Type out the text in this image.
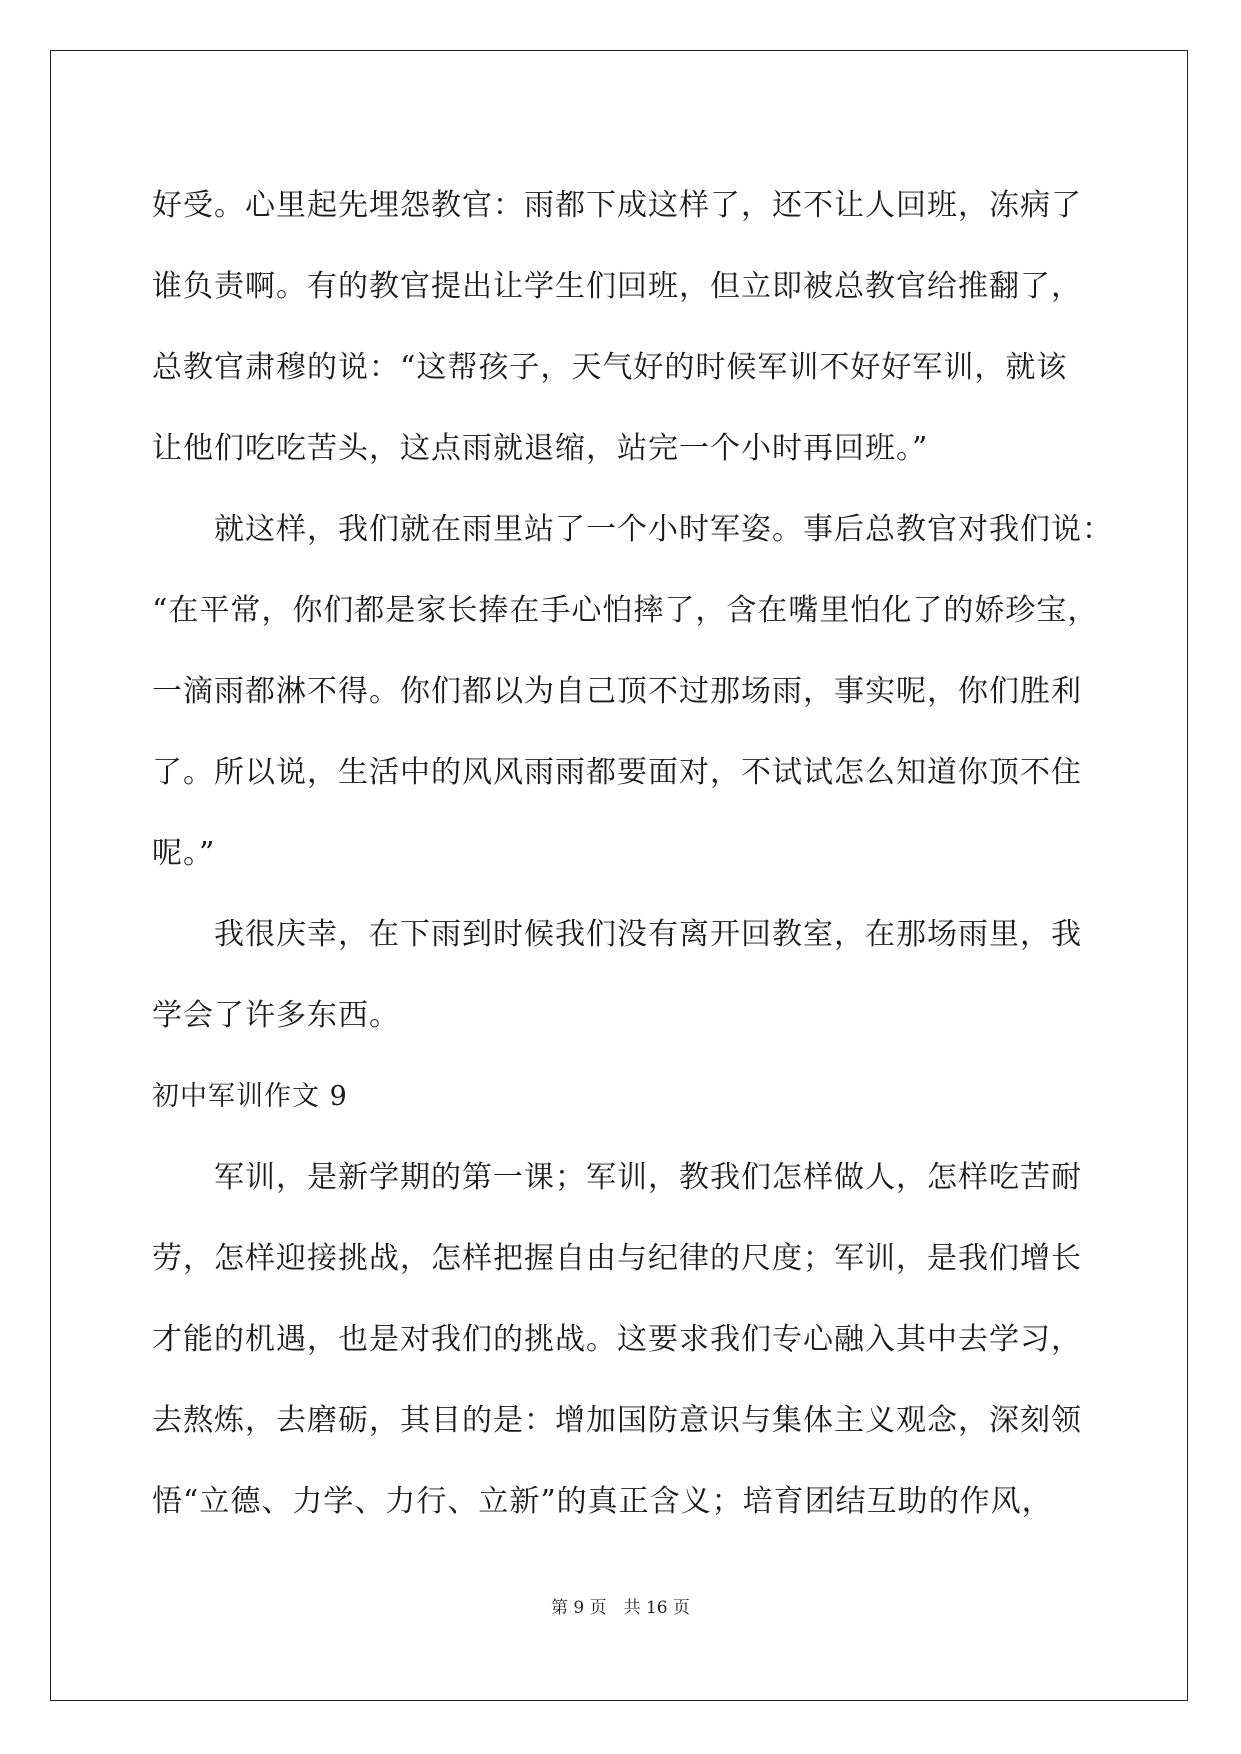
好受。心里起先埋怨教官：雨都下成这样了，还不让人回班，冻病了
谁负责啊。有的教官提出让学生们回班，但立即被总教官给推翻了，
总教官肃穆的说：“这帮孩子，天气好的时候军训不好好军训，就该
让他们吃吃苦头，这点雨就退缩，站完一个小时再回班。”
就这样，我们就在雨里站了一个小时军姿。事后总教官对我们说：
“在平常，你们都是家长捧在手心怕摔了，含在嘴里怕化了的娇珍宝，
一滴雨都淋不得。你们都以为自己顶不过那场雨，事实呢，你们胜利
了。所以说，生活中的风风雨雨都要面对，不试试怎么知道你顶不住
呢。”
我很庆幸，在下雨到时候我们没有离开回教室，在那场雨里，我
学会了许多东西。
初中军训作文 9
军训，是新学期的第一课；军训，教我们怎样做人，怎样吃苦耐
劳，怎样迎接挑战，怎样把握自由与纪律的尺度；军训，是我们增长
才能的机遇，也是对我们的挑战。这要求我们专心融入其中去学习，
去熬炼，去磨砺，其目的是：增加国防意识与集体主义观念，深刻领
悟“立德、力学、力行、立新”的真正含义；培育团结互助的作风，
第 9 页　共 16 页
